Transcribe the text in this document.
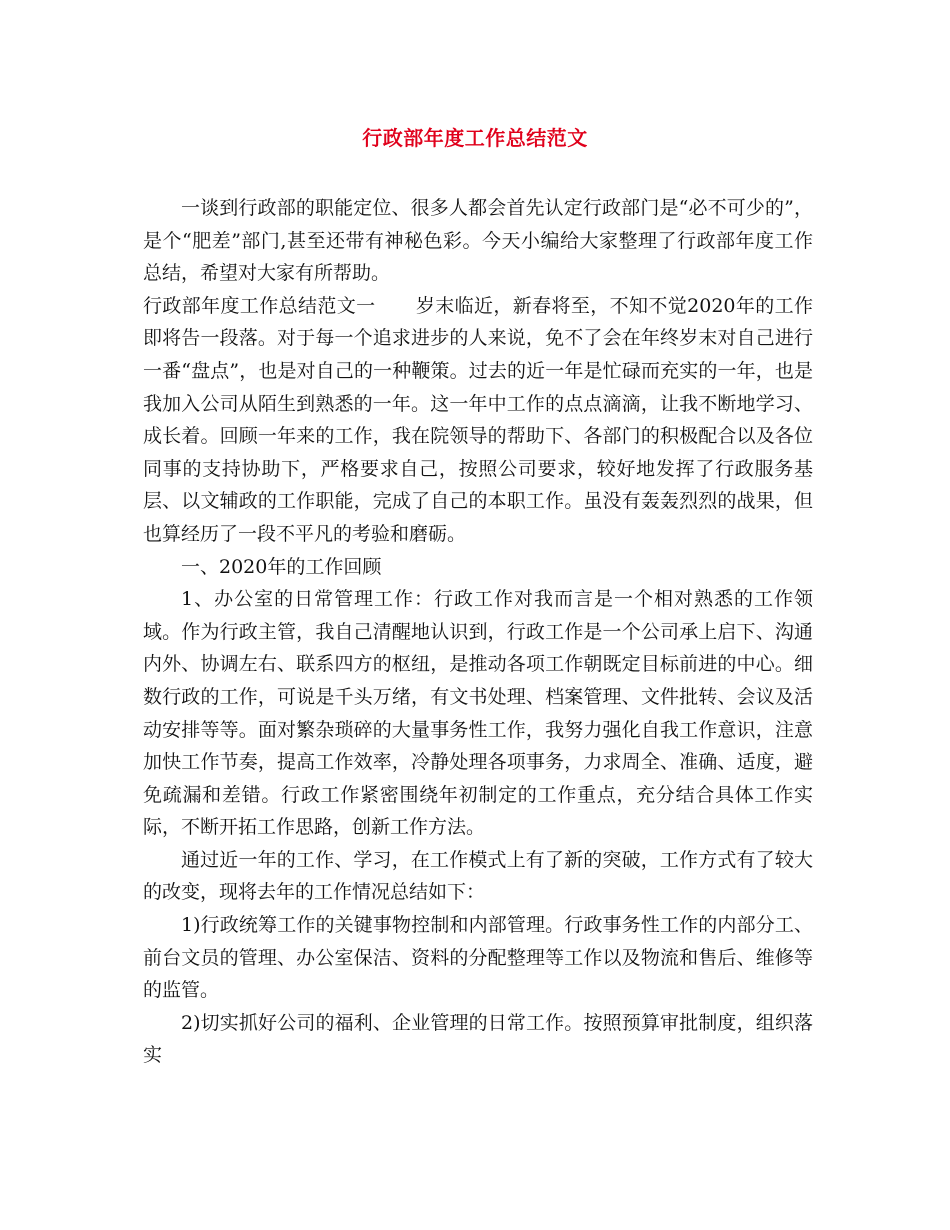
行政部年度工作总结范文

一谈到行政部的职能定位、很多人都会首先认定行政部门是“必不可少的”，是个“肥差”部门,甚至还带有神秘色彩。今天小编给大家整理了行政部年度工作总结，希望对大家有所帮助。

行政部年度工作总结范文一 岁末临近，新春将至，不知不觉2020年的工作即将告一段落。对于每一个追求进步的人来说，免不了会在年终岁末对自己进行一番“盘点”，也是对自己的一种鞭策。过去的近一年是忙碌而充实的一年，也是我加入公司从陌生到熟悉的一年。这一年中工作的点点滴滴，让我不断地学习、成长着。回顾一年来的工作，我在院领导的帮助下、各部门的积极配合以及各位同事的支持协助下，严格要求自己，按照公司要求，较好地发挥了行政服务基层、以文辅政的工作职能，完成了自己的本职工作。虽没有轰轰烈烈的战果，但也算经历了一段不平凡的考验和磨砺。

一、2020年的工作回顾

1、办公室的日常管理工作：行政工作对我而言是一个相对熟悉的工作领域。作为行政主管，我自己清醒地认识到，行政工作是一个公司承上启下、沟通内外、协调左右、联系四方的枢纽，是推动各项工作朝既定目标前进的中心。细数行政的工作，可说是千头万绪，有文书处理、档案管理、文件批转、会议及活动安排等等。面对繁杂琐碎的大量事务性工作，我努力强化自我工作意识，注意加快工作节奏，提高工作效率，冷静处理各项事务，力求周全、准确、适度，避免疏漏和差错。行政工作紧密围绕年初制定的工作重点，充分结合具体工作实际，不断开拓工作思路，创新工作方法。

通过近一年的工作、学习，在工作模式上有了新的突破，工作方式有了较大的改变，现将去年的工作情况总结如下：

1)行政统筹工作的关键事物控制和内部管理。行政事务性工作的内部分工、前台文员的管理、办公室保洁、资料的分配整理等工作以及物流和售后、维修等的监管。

2)切实抓好公司的福利、企业管理的日常工作。按照预算审批制度，组织落实
